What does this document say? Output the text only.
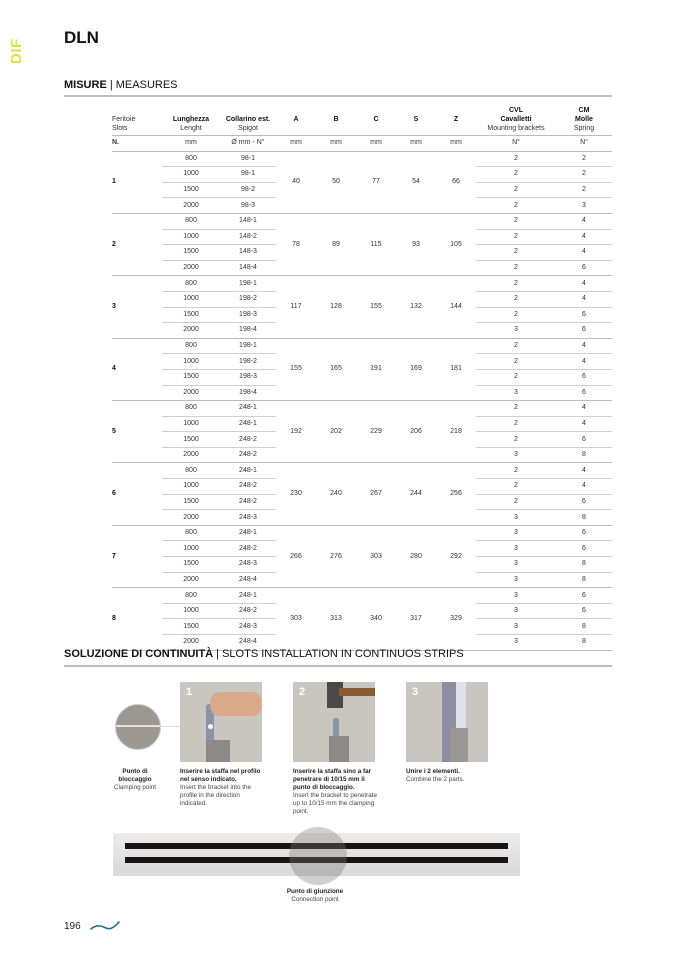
DIF
DLN
MISURE | MEASURES
Feritoie
Slots	Lunghezza
Lenght	Collarino est.
Spigot	A	B	C	S	Z	CVL
Cavalletti
Mounting brackets	CM
Molle
Spring
N.	mm	Ø mm - N°	mm	mm	mm	mm	mm	N°	N°
1	800	98-1	40	50	77	54	66	2	2
	1000	98-1						2	2
	1500	98-2						2	2
	2000	98-3						2	3
2	800	148-1	78	89	115	93	105	2	4
	1000	148-2						2	4
	1500	148-3						2	4
	2000	148-4						2	6
3	800	198-1	117	128	155	132	144	2	4
	1000	198-2						2	4
	1500	198-3						2	6
	2000	198-4						3	6
4	800	198-1	155	165	191	169	181	2	4
	1000	198-2						2	4
	1500	198-3						2	6
	2000	198-4						3	6
5	800	248-1	192	202	229	206	218	2	4
	1000	248-1						2	4
	1500	248-2						2	6
	2000	248-2						3	8
6	800	248-1	230	240	267	244	256	2	4
	1000	248-2						2	4
	1500	248-2						2	6
	2000	248-3						3	8
7	800	248-1	266	276	303	280	292	3	6
	1000	248-2						3	6
	1500	248-3						3	8
	2000	248-4						3	8
8	800	248-1	303	313	340	317	329	3	6
	1000	248-2						3	6
	1500	248-3						3	8
	2000	248-4						3	8
SOLUZIONE DI CONTINUITÀ | SLOTS INSTALLATION IN CONTINUOS STRIPS
1	2	3
Punto di bloccaggio
Clamping point
Inserire la staffa nel profilo nel senso indicato.
Insert the bracket into the profile in the direction indicated.
Inserire la staffa sino a far penetrare di 10/15 mm il punto di bloccaggio.
Insert the bracket to penetrate up to 10/15 mm the clamping point.
Unire i 2 elementi.
Combine the 2 parts.
Punto di giunzione
Connection point
196
